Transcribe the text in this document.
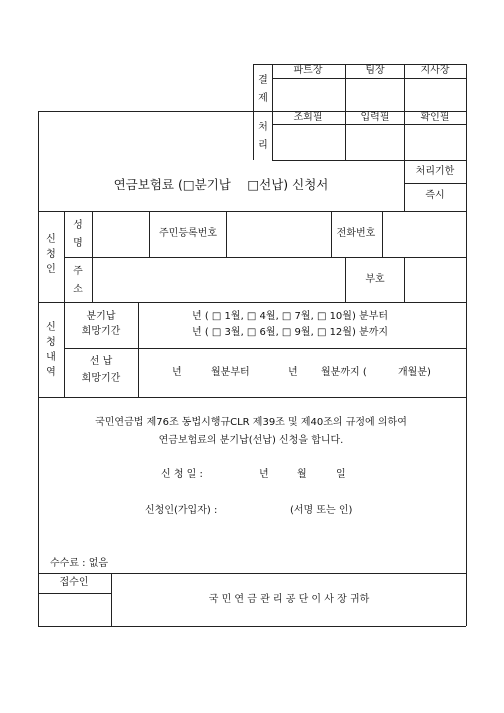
결
제
파트장	팀장	지사장
처
리
조회필	입력필	확인필
연금보험료 (□분기납　 □선납) 신청서
처리기한
즉시
신
청
인
성
명
주민등록번호	전화번호
주
소
부호
신
청
내
역
분기납
희망기간
년 ( □ 1월, □ 4월, □ 7월, □ 10월) 분부터
년 ( □ 3월, □ 6월, □ 9월, □ 12월) 분까지
선 납
희망기간
년	월분부터	년 월분까지 (	개월분)
국민연금법 제76조 동법시행규CLR 제39조 및 제40조의 규정에 의하여
연금보험료의 분기납(선납) 신청을 합니다.
신 청 일 :	년	월	일
신청인(가입자) :	(서명 또는 인)
수수료 : 없음
접수인
국 민 연 금 관 리 공 단 이 사 장 귀하
